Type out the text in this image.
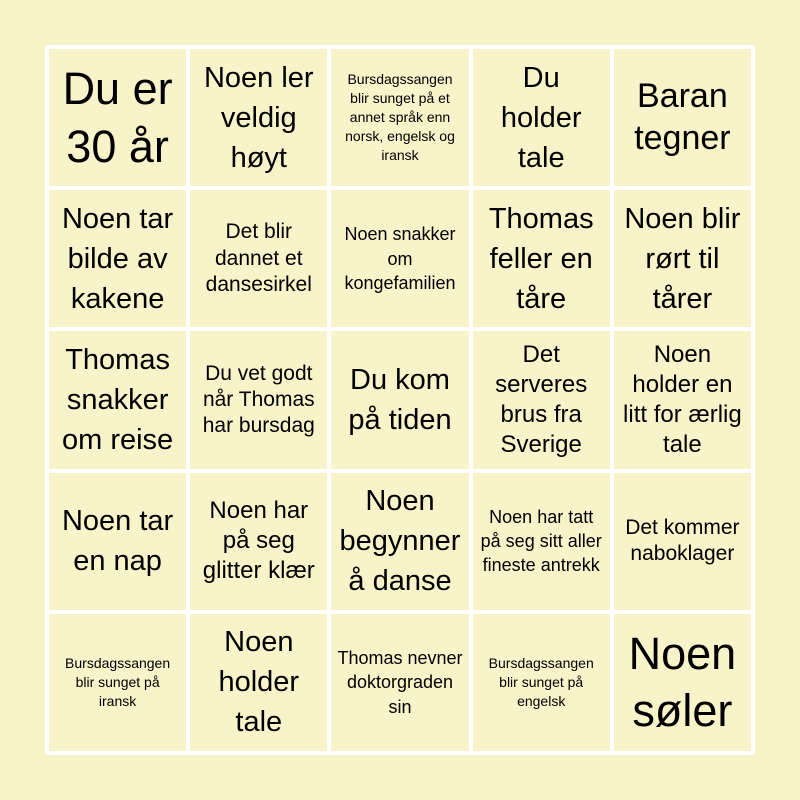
Du er 30 år
Noen ler veldig høyt
Bursdagssangen blir sunget på et annet språk enn norsk, engelsk og iransk
Du holder tale
Baran tegner
Noen tar bilde av kakene
Det blir dannet et dansesirkel
Noen snakker om kongefamilien
Thomas feller en tåre
Noen blir rørt til tårer
Thomas snakker om reise
Du vet godt når Thomas har bursdag
Du kom på tiden
Det serveres brus fra Sverige
Noen holder en litt for ærlig tale
Noen tar en nap
Noen har på seg glitter klær
Noen begynner å danse
Noen har tatt på seg sitt aller fineste antrekk
Det kommer naboklager
Bursdagssangen blir sunget på iransk
Noen holder tale
Thomas nevner doktorgraden sin
Bursdagssangen blir sunget på engelsk
Noen søler
